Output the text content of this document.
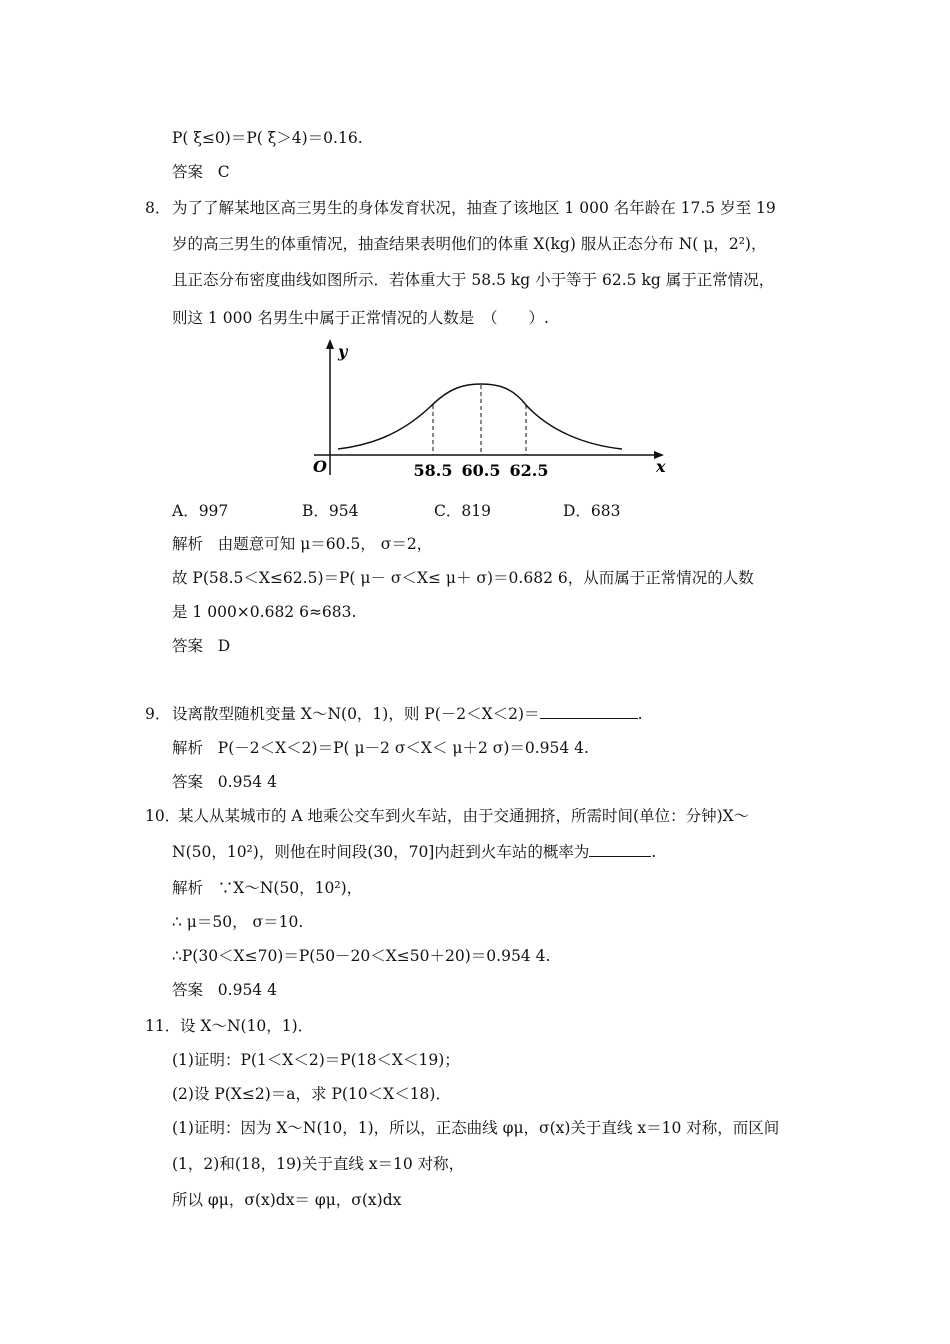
P( ξ≤0)＝P( ξ＞4)＝0.16.
答案 C
8． 为了了解某地区高三男生的身体发育状况，抽查了该地区 1 000 名年龄在 17.5 岁至 19
岁的高三男生的体重情况，抽查结果表明他们的体重 X(kg) 服从正态分布 N( μ，2²)，
且正态分布密度曲线如图所示．若体重大于 58.5 kg 小于等于 62.5 kg 属于正常情况，
则这 1 000 名男生中属于正常情况的人数是　（　　）.
y
x
O	58.5 60.5 62.5
A．997	B．954	C．819	D．683
解析 由题意可知 μ＝60.5， σ＝2，
故 P(58.5＜X≤62.5)＝P( μ－ σ＜X≤ μ＋ σ)＝0.682 6，从而属于正常情况的人数
是 1 000×0.682 6≈683.
答案 D
9． 设离散型随机变量 X～N(0，1)，则 P(－2＜X＜2)＝	.
解析 P(－2＜X＜2)＝P( μ－2 σ＜X＜ μ＋2 σ)＝0.954 4.
答案 0.954 4
10．
某人从某城市的 A 地乘公交车到火车站，由于交通拥挤，所需时间(单位：分钟)X～
N(50，10²)，则他在时间段(30，70]内赶到火车站的概率为	.
解析 ∵X～N(50，10²)，
∴ μ＝50， σ＝10.
∴P(30＜X≤70)＝P(50－20＜X≤50＋20)＝0.954 4.
答案 0.954 4
11． 设 X～N(10，1)．
(1)证明：P(1＜X＜2)＝P(18＜X＜19)；
(2)设 P(X≤2)＝a，求 P(10＜X＜18)．
(1)证明：因为 X～N(10，1)，所以，正态曲线 φμ，σ(x)关于直线 x＝10 对称，而区间
(1，2)和(18，19)关于直线 x＝10 对称，
所以 φμ，σ(x)dx＝ φμ，σ(x)dx
